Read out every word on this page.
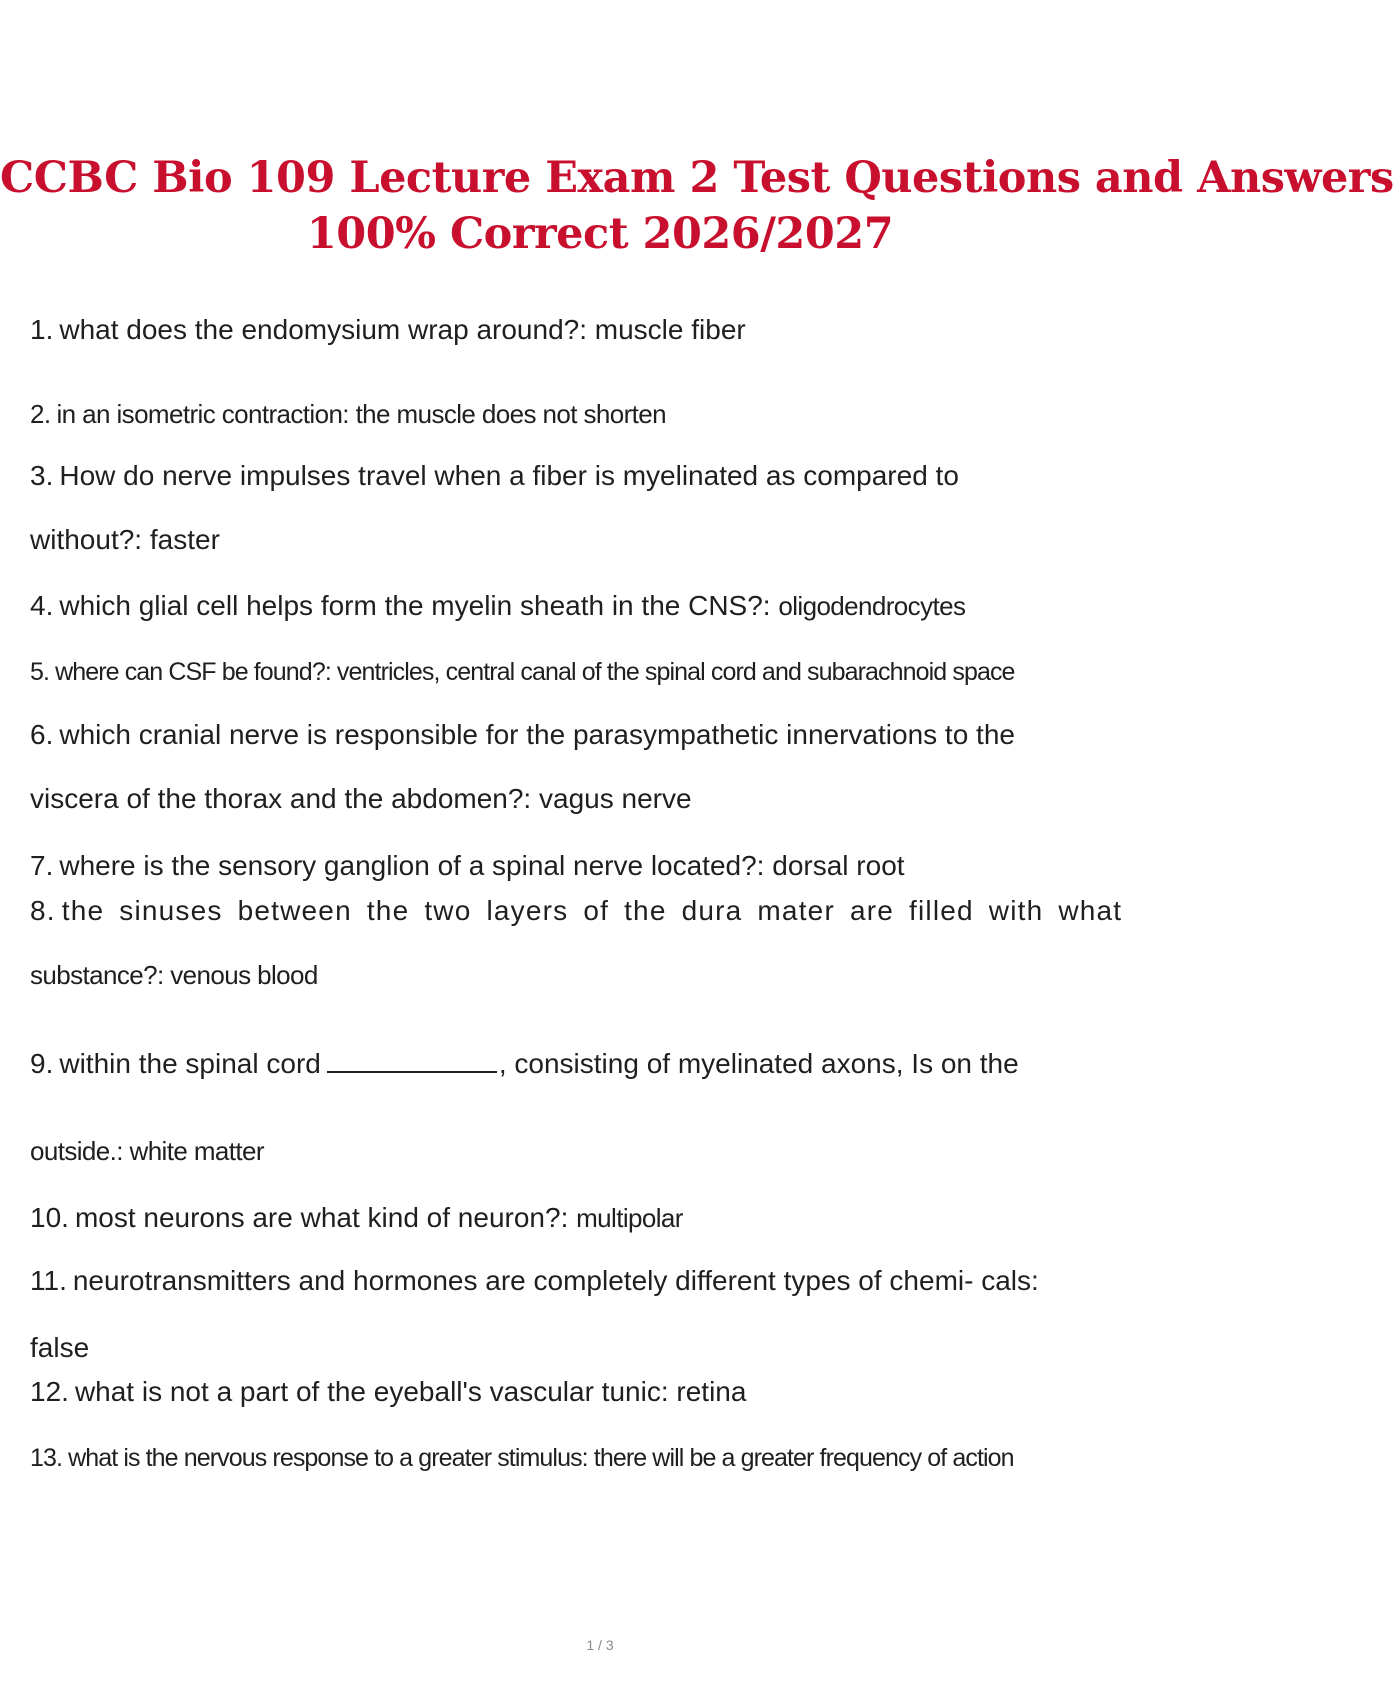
CCBC Bio 109 Lecture Exam 2 Test Questions and Answers
100% Correct 2026/2027
1. what does the endomysium wrap around?: muscle fiber
2. in an isometric contraction: the muscle does not shorten
3. How do nerve impulses travel when a fiber is myelinated as compared to
without?: faster
4. which glial cell helps form the myelin sheath in the CNS?: oligodendrocytes
5. where can CSF be found?: ventricles, central canal of the spinal cord and subarachnoid space
6. which cranial nerve is responsible for the parasympathetic innervations to the
viscera of the thorax and the abdomen?: vagus nerve
7. where is the sensory ganglion of a spinal nerve located?: dorsal root
8. the sinuses between the two layers of the dura mater are filled with what
substance?: venous blood
9. within the spinal cord	, consisting of myelinated axons, Is on the
outside.: white matter
10. most neurons are what kind of neuron?: multipolar
11. neurotransmitters and hormones are completely different types of chemi- cals:
false
12. what is not a part of the eyeball's vascular tunic: retina
13. what is the nervous response to a greater stimulus: there will be a greater frequency of action
1 / 3
